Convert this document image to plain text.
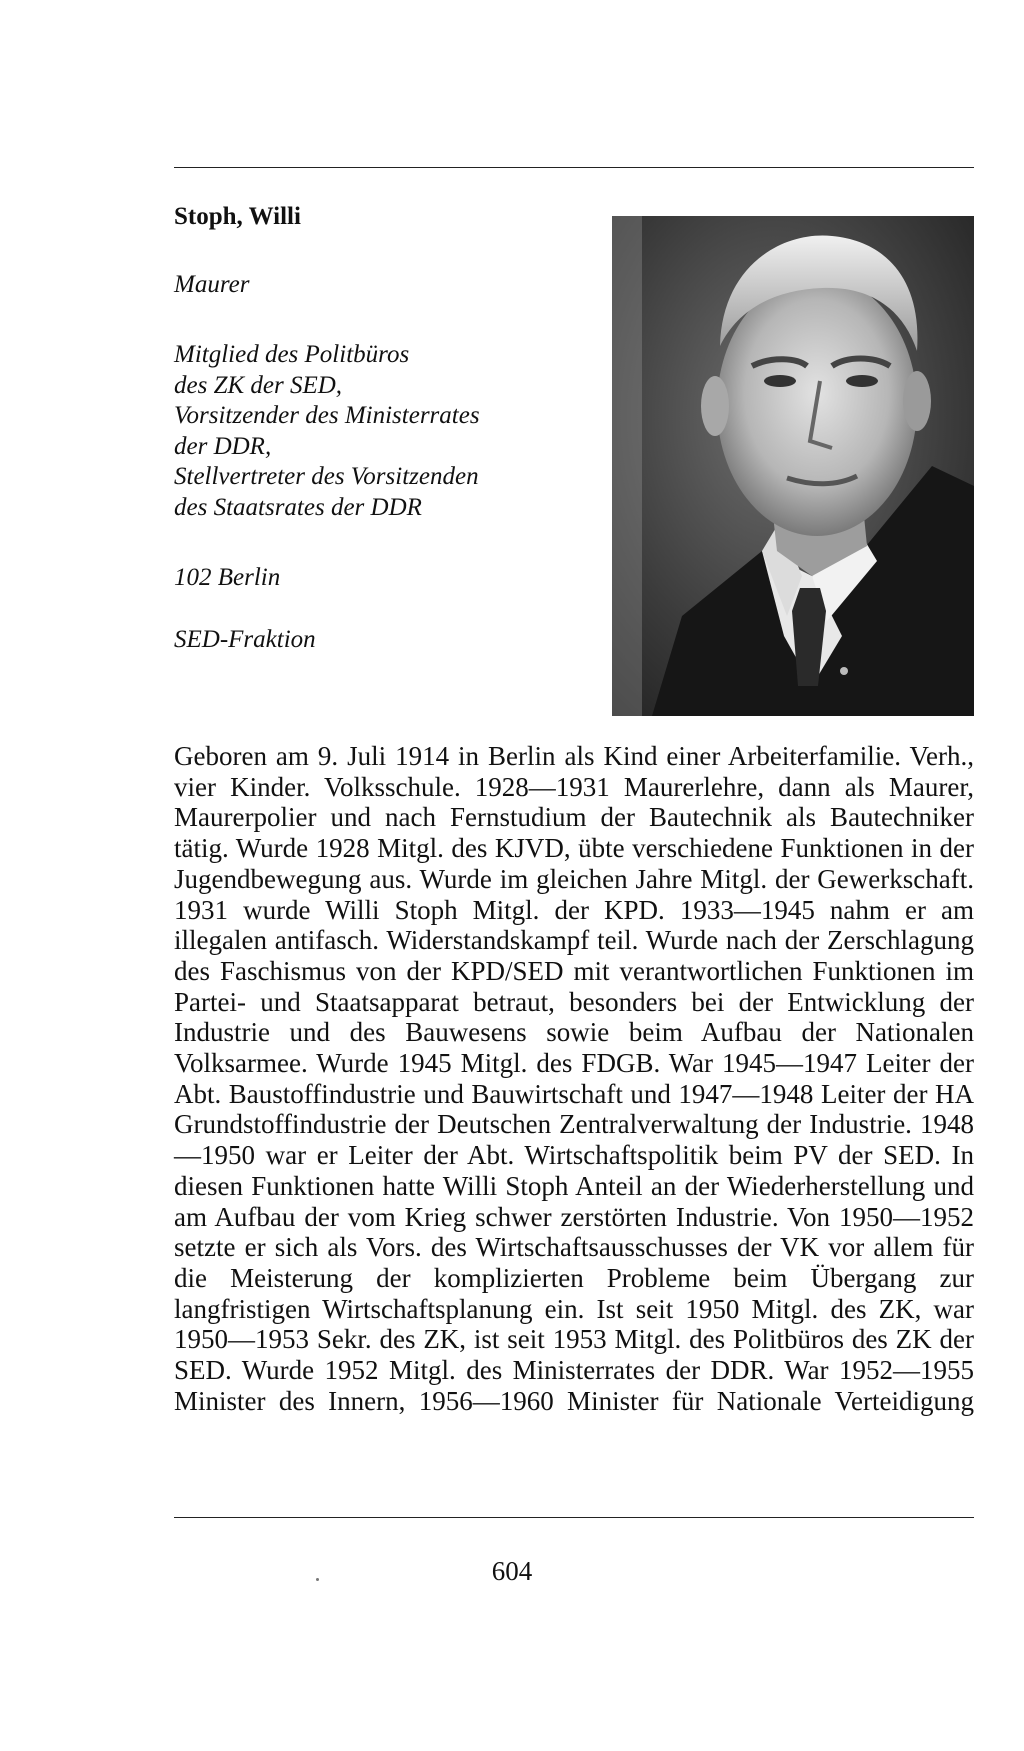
Stoph, Willi

Maurer

Mitglied des Politbüros
des ZK der SED,
Vorsitzender des Ministerrates
der DDR,
Stellvertreter des Vorsitzenden
des Staatsrates der DDR

102 Berlin

SED-Fraktion

Geboren am 9. Juli 1914 in Berlin als Kind einer Arbeiterfamilie. Verh., vier Kinder. Volksschule. 1928—1931 Maurerlehre, dann als Maurer, Maurerpolier und nach Fernstudium der Bautechnik als Bautechniker tätig. Wurde 1928 Mitgl. des KJVD, übte verschiedene Funktionen in der Jugendbewegung aus. Wurde im gleichen Jahre Mitgl. der Gewerkschaft. 1931 wurde Willi Stoph Mitgl. der KPD. 1933—1945 nahm er am illegalen antifasch. Widerstandskampf teil. Wurde nach der Zerschlagung des Faschismus von der KPD/SED mit verantwortlichen Funktionen im Partei- und Staatsapparat betraut, besonders bei der Entwicklung der Industrie und des Bauwesens sowie beim Aufbau der Nationalen Volksarmee. Wurde 1945 Mitgl. des FDGB. War 1945—1947 Leiter der Abt. Baustoffindustrie und Bauwirtschaft und 1947—1948 Leiter der HA Grundstoffindustrie der Deutschen Zentralverwaltung der Industrie. 1948—1950 war er Leiter der Abt. Wirtschaftspolitik beim PV der SED. In diesen Funktionen hatte Willi Stoph Anteil an der Wiederherstellung und am Aufbau der vom Krieg schwer zerstörten Industrie. Von 1950—1952 setzte er sich als Vors. des Wirtschaftsausschusses der VK vor allem für die Meisterung der komplizierten Probleme beim Übergang zur langfristigen Wirtschaftsplanung ein. Ist seit 1950 Mitgl. des ZK, war 1950—1953 Sekr. des ZK, ist seit 1953 Mitgl. des Politbüros des ZK der SED. Wurde 1952 Mitgl. des Ministerrates der DDR. War 1952—1955 Minister des Innern, 1956—1960 Minister für Nationale Verteidigung

604
